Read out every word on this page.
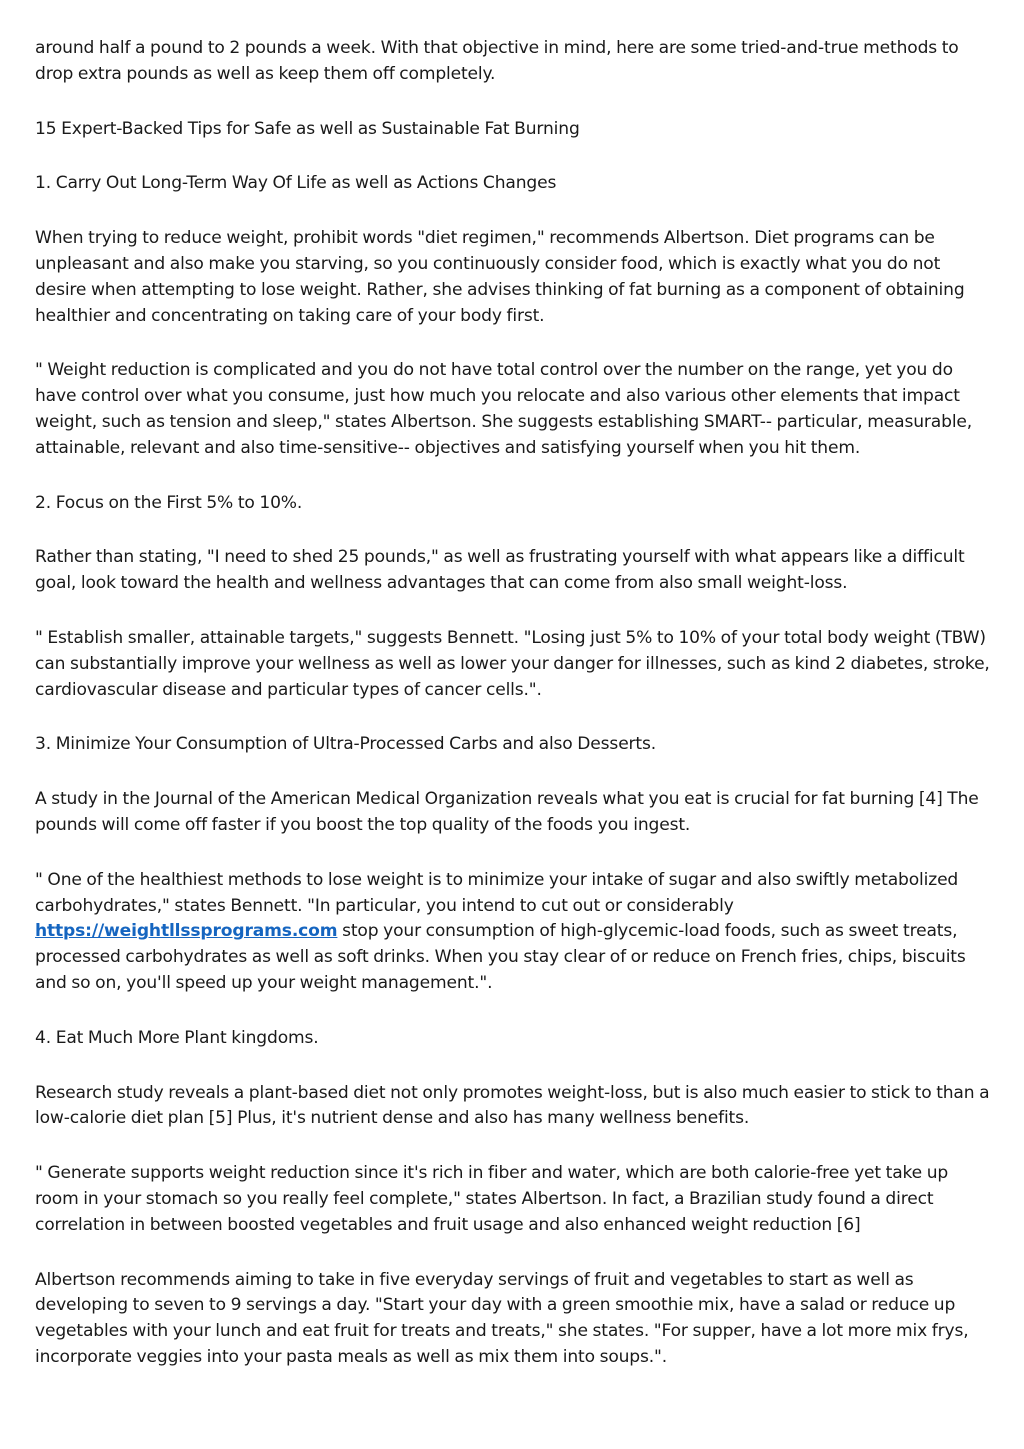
around half a pound to 2 pounds a week. With that objective in mind, here are some tried-and-true methods to drop extra pounds as well as keep them off completely.

15 Expert-Backed Tips for Safe as well as Sustainable Fat Burning

1. Carry Out Long-Term Way Of Life as well as Actions Changes

When trying to reduce weight, prohibit words "diet regimen," recommends Albertson. Diet programs can be unpleasant and also make you starving, so you continuously consider food, which is exactly what you do not desire when attempting to lose weight. Rather, she advises thinking of fat burning as a component of obtaining healthier and concentrating on taking care of your body first.

" Weight reduction is complicated and you do not have total control over the number on the range, yet you do have control over what you consume, just how much you relocate and also various other elements that impact weight, such as tension and sleep," states Albertson. She suggests establishing SMART-- particular, measurable, attainable, relevant and also time-sensitive-- objectives and satisfying yourself when you hit them.

2. Focus on the First 5% to 10%.

Rather than stating, "I need to shed 25 pounds," as well as frustrating yourself with what appears like a difficult goal, look toward the health and wellness advantages that can come from also small weight-loss.

" Establish smaller, attainable targets," suggests Bennett. "Losing just 5% to 10% of your total body weight (TBW) can substantially improve your wellness as well as lower your danger for illnesses, such as kind 2 diabetes, stroke, cardiovascular disease and particular types of cancer cells.".

3. Minimize Your Consumption of Ultra-Processed Carbs and also Desserts.

A study in the Journal of the American Medical Organization reveals what you eat is crucial for fat burning [4] The pounds will come off faster if you boost the top quality of the foods you ingest.

" One of the healthiest methods to lose weight is to minimize your intake of sugar and also swiftly metabolized carbohydrates," states Bennett. "In particular, you intend to cut out or considerably https://weightllssprograms.com stop your consumption of high-glycemic-load foods, such as sweet treats, processed carbohydrates as well as soft drinks. When you stay clear of or reduce on French fries, chips, biscuits and so on, you'll speed up your weight management.".

4. Eat Much More Plant kingdoms.

Research study reveals a plant-based diet not only promotes weight-loss, but is also much easier to stick to than a low-calorie diet plan [5] Plus, it's nutrient dense and also has many wellness benefits.

" Generate supports weight reduction since it's rich in fiber and water, which are both calorie-free yet take up room in your stomach so you really feel complete," states Albertson. In fact, a Brazilian study found a direct correlation in between boosted vegetables and fruit usage and also enhanced weight reduction [6]

Albertson recommends aiming to take in five everyday servings of fruit and vegetables to start as well as developing to seven to 9 servings a day. "Start your day with a green smoothie mix, have a salad or reduce up vegetables with your lunch and eat fruit for treats and treats," she states. "For supper, have a lot more mix frys, incorporate veggies into your pasta meals as well as mix them into soups.".
